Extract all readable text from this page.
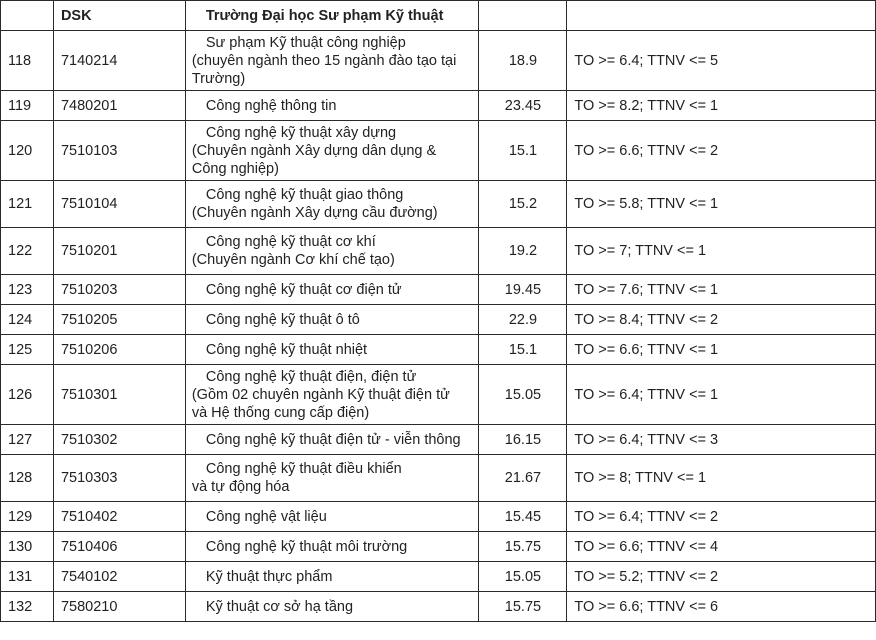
	DSK	Trường Đại học Sư phạm Kỹ thuật		
118	7140214	Sư phạm Kỹ thuật công nghiệp
(chuyên ngành theo 15 ngành đào tạo tại
Trường)	18.9	TO >= 6.4; TTNV <= 5
119	7480201	Công nghệ thông tin	23.45	TO >= 8.2; TTNV <= 1
120	7510103	Công nghệ kỹ thuật xây dựng
(Chuyên ngành Xây dựng dân dụng &
Công nghiệp)	15.1	TO >= 6.6; TTNV <= 2
121	7510104	Công nghệ kỹ thuật giao thông
(Chuyên ngành Xây dựng cầu đường)	15.2	TO >= 5.8; TTNV <= 1
122	7510201	Công nghệ kỹ thuật cơ khí
(Chuyên ngành Cơ khí chế tạo)	19.2	TO >= 7; TTNV <= 1
123	7510203	Công nghệ kỹ thuật cơ điện tử	19.45	TO >= 7.6; TTNV <= 1
124	7510205	Công nghệ kỹ thuật ô tô	22.9	TO >= 8.4; TTNV <= 2
125	7510206	Công nghệ kỹ thuật nhiệt	15.1	TO >= 6.6; TTNV <= 1
126	7510301	Công nghệ kỹ thuật điện, điện tử
(Gồm 02 chuyên ngành Kỹ thuật điện tử
và Hệ thống cung cấp điện)	15.05	TO >= 6.4; TTNV <= 1
127	7510302	Công nghệ kỹ thuật điện tử - viễn thông	16.15	TO >= 6.4; TTNV <= 3
128	7510303	Công nghệ kỹ thuật điều khiển
và tự động hóa	21.67	TO >= 8; TTNV <= 1
129	7510402	Công nghệ vật liệu	15.45	TO >= 6.4; TTNV <= 2
130	7510406	Công nghệ kỹ thuật môi trường	15.75	TO >= 6.6; TTNV <= 4
131	7540102	Kỹ thuật thực phẩm	15.05	TO >= 5.2; TTNV <= 2
132	7580210	Kỹ thuật cơ sở hạ tầng	15.75	TO >= 6.6; TTNV <= 6
